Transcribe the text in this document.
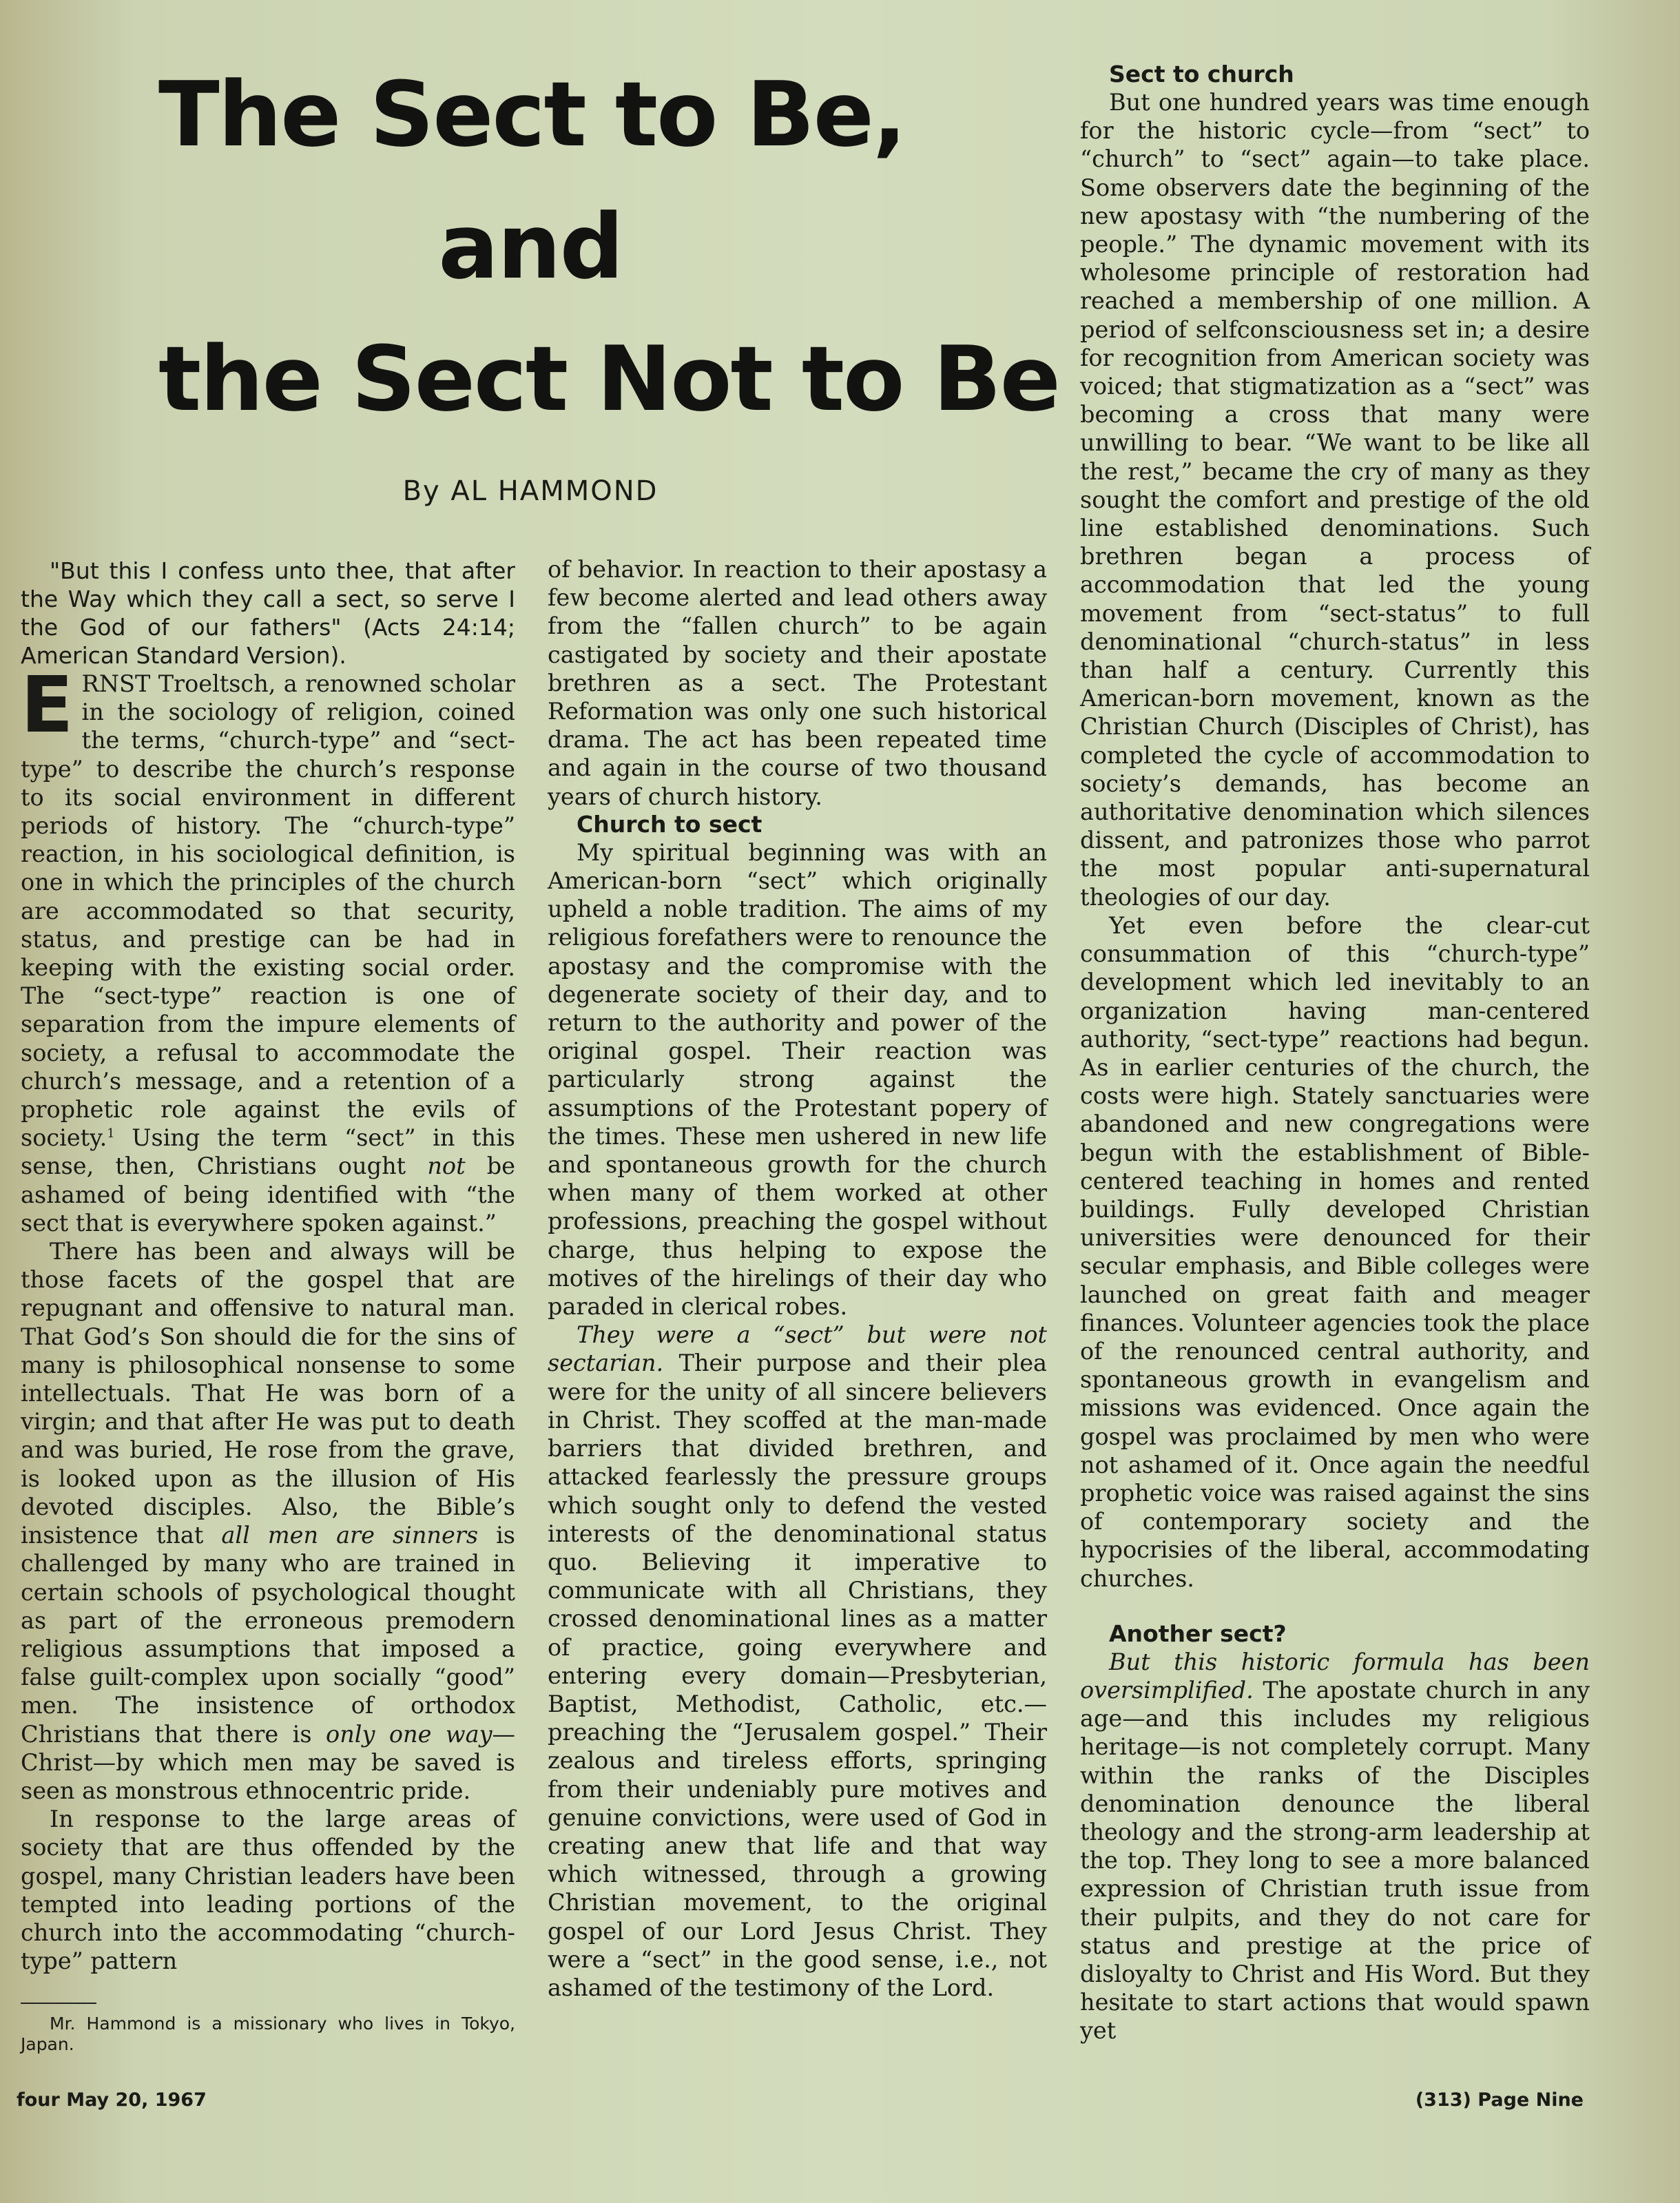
The Sect to Be,
and
the Sect Not to Be
By AL HAMMOND

"But this I confess unto thee, that after the Way which they call a sect, so serve I the God of our fathers" (Acts 24:14; American Standard Version).

ERNST Troeltsch, a renowned scholar in the sociology of religion, coined the terms, “church-type” and “sect-type” to describe the church’s response to its social environment in different periods of history. The “church-type” reaction, in his sociological definition, is one in which the principles of the church are accommodated so that security, status, and prestige can be had in keeping with the existing social order. The “sect-type” reaction is one of separation from the impure elements of society, a refusal to accommodate the church’s message, and a retention of a prophetic role against the evils of society.$^1$ Using the term “sect” in this sense, then, Christians ought not be ashamed of being identified with “the sect that is everywhere spoken against.”

There has been and always will be those facets of the gospel that are repugnant and offensive to natural man. That God’s Son should die for the sins of many is philosophical nonsense to some intellectuals. That He was born of a virgin; and that after He was put to death and was buried, He rose from the grave, is looked upon as the illusion of His devoted disciples. Also, the Bible’s insistence that all men are sinners is challenged by many who are trained in certain schools of psychological thought as part of the erroneous premodern religious assumptions that imposed a false guilt-complex upon socially “good” men. The insistence of orthodox Christians that there is only one way—Christ—by which men may be saved is seen as monstrous ethnocentric pride.

In response to the large areas of society that are thus offended by the gospel, many Christian leaders have been tempted into leading portions of the church into the accommodating “church-type” pattern

Mr. Hammond is a missionary who lives in Tokyo, Japan.

of behavior. In reaction to their apostasy a few become alerted and lead others away from the “fallen church” to be again castigated by society and their apostate brethren as a sect. The Protestant Reformation was only one such historical drama. The act has been repeated time and again in the course of two thousand years of church history.

Church to sect

My spiritual beginning was with an American-born “sect” which originally upheld a noble tradition. The aims of my religious forefathers were to renounce the apostasy and the compromise with the degenerate society of their day, and to return to the authority and power of the original gospel. Their reaction was particularly strong against the assumptions of the Protestant popery of the times. These men ushered in new life and spontaneous growth for the church when many of them worked at other professions, preaching the gospel without charge, thus helping to expose the motives of the hirelings of their day who paraded in clerical robes.

They were a “sect” but were not sectarian. Their purpose and their plea were for the unity of all sincere believers in Christ. They scoffed at the man-made barriers that divided brethren, and attacked fearlessly the pressure groups which sought only to defend the vested interests of the denominational status quo. Believing it imperative to communicate with all Christians, they crossed denominational lines as a matter of practice, going everywhere and entering every domain—Presbyterian, Baptist, Methodist, Catholic, etc.—preaching the “Jerusalem gospel.” Their zealous and tireless efforts, springing from their undeniably pure motives and genuine convictions, were used of God in creating anew that life and that way which witnessed, through a growing Christian movement, to the original gospel of our Lord Jesus Christ. They were a “sect” in the good sense, i.e., not ashamed of the testimony of the Lord.

Sect to church

But one hundred years was time enough for the historic cycle—from “sect” to “church” to “sect” again—to take place. Some observers date the beginning of the new apostasy with “the numbering of the people.” The dynamic movement with its wholesome principle of restoration had reached a membership of one million. A period of selfconsciousness set in; a desire for recognition from American society was voiced; that stigmatization as a “sect” was becoming a cross that many were unwilling to bear. “We want to be like all the rest,” became the cry of many as they sought the comfort and prestige of the old line established denominations. Such brethren began a process of accommodation that led the young movement from “sect-status” to full denominational “church-status” in less than half a century. Currently this American-born movement, known as the Christian Church (Disciples of Christ), has completed the cycle of accommodation to society’s demands, has become an authoritative denomination which silences dissent, and patronizes those who parrot the most popular anti-supernatural theologies of our day.

Yet even before the clear-cut consummation of this “church-type” development which led inevitably to an organization having man-centered authority, “sect-type” reactions had begun. As in earlier centuries of the church, the costs were high. Stately sanctuaries were abandoned and new congregations were begun with the establishment of Bible-centered teaching in homes and rented buildings. Fully developed Christian universities were denounced for their secular emphasis, and Bible colleges were launched on great faith and meager finances. Volunteer agencies took the place of the renounced central authority, and spontaneous growth in evangelism and missions was evidenced. Once again the gospel was proclaimed by men who were not ashamed of it. Once again the needful prophetic voice was raised against the sins of contemporary society and the hypocrisies of the liberal, accommodating churches.

Another sect?

But this historic formula has been oversimplified. The apostate church in any age—and this includes my religious heritage—is not completely corrupt. Many within the ranks of the Disciples denomination denounce the liberal theology and the strong-arm leadership at the top. They long to see a more balanced expression of Christian truth issue from their pulpits, and they do not care for status and prestige at the price of disloyalty to Christ and His Word. But they hesitate to start actions that would spawn yet

four May 20, 1967	(313) Page Nine
